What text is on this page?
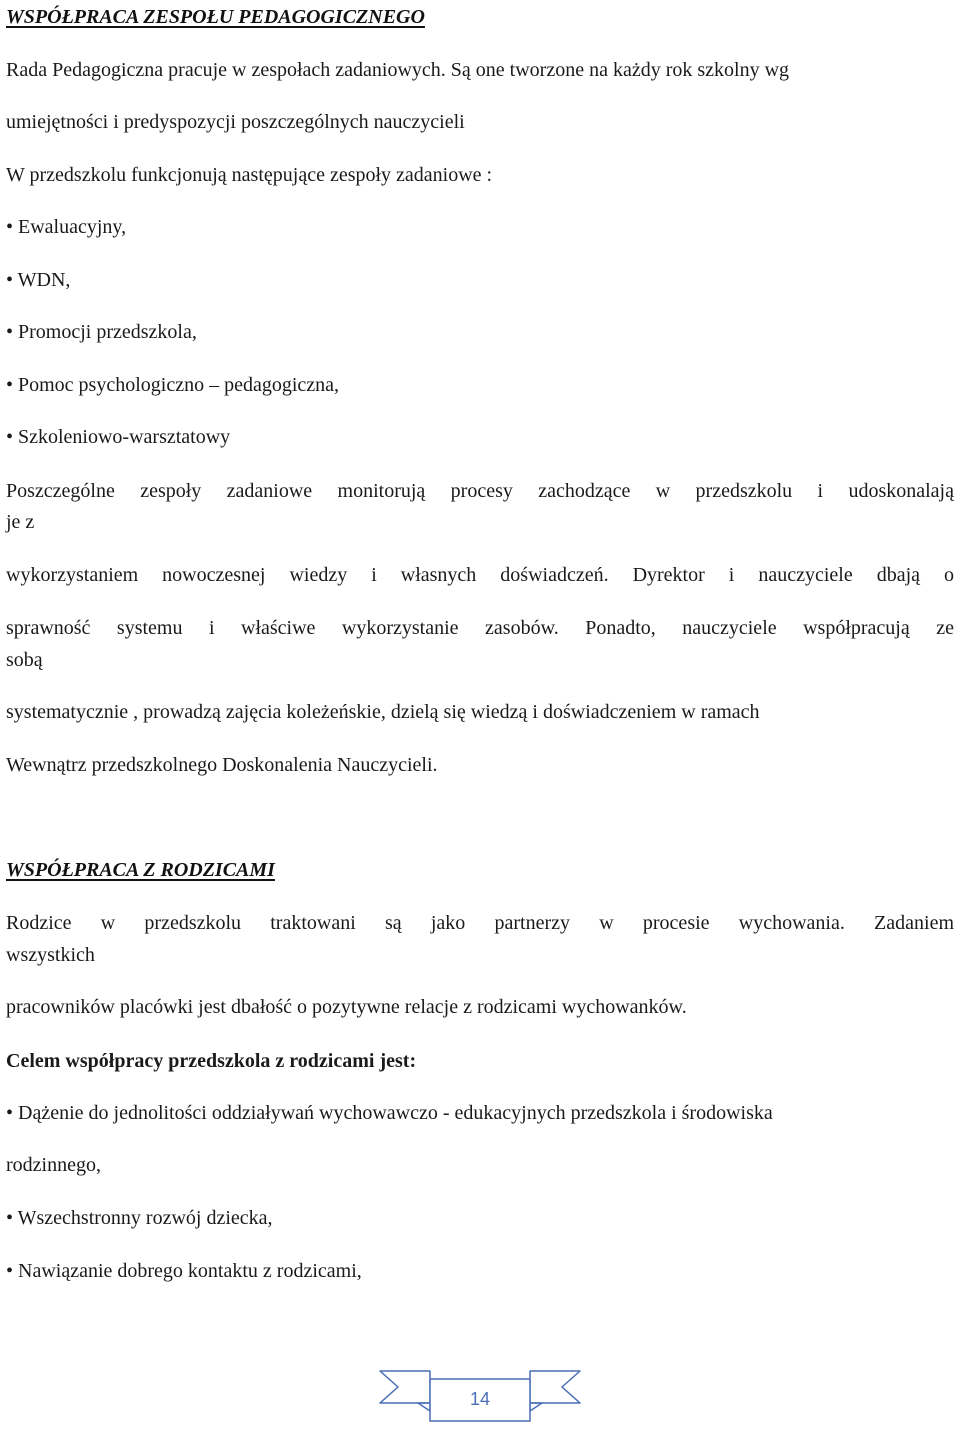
WSPÓŁPRACA ZESPOŁU PEDAGOGICZNEGO

Rada Pedagogiczna pracuje w zespołach zadaniowych. Są one tworzone na każdy rok szkolny wg

umiejętności i predyspozycji poszczególnych nauczycieli

W przedszkolu funkcjonują następujące zespoły zadaniowe :

• Ewaluacyjny,

• WDN,

• Promocji przedszkola,

• Pomoc psychologiczno – pedagogiczna,

• Szkoleniowo-warsztatowy

Poszczególne zespoły zadaniowe monitorują procesy zachodzące w przedszkolu i udoskonalają

je z

wykorzystaniem nowoczesnej wiedzy i własnych doświadczeń. Dyrektor i nauczyciele dbają o

sprawność systemu i właściwe wykorzystanie zasobów. Ponadto, nauczyciele współpracują ze

sobą

systematycznie , prowadzą zajęcia koleżeńskie, dzielą się wiedzą i doświadczeniem w ramach

Wewnątrz przedszkolnego Doskonalenia Nauczycieli.

WSPÓŁPRACA Z RODZICAMI

Rodzice w przedszkolu traktowani są jako partnerzy w procesie wychowania. Zadaniem

wszystkich

pracowników placówki jest dbałość o pozytywne relacje z rodzicami wychowanków.

Celem współpracy przedszkola z rodzicami jest:

• Dążenie do jednolitości oddziaływań wychowawczo - edukacyjnych przedszkola i środowiska

rodzinnego,

• Wszechstronny rozwój dziecka,

• Nawiązanie dobrego kontaktu z rodzicami,

14
